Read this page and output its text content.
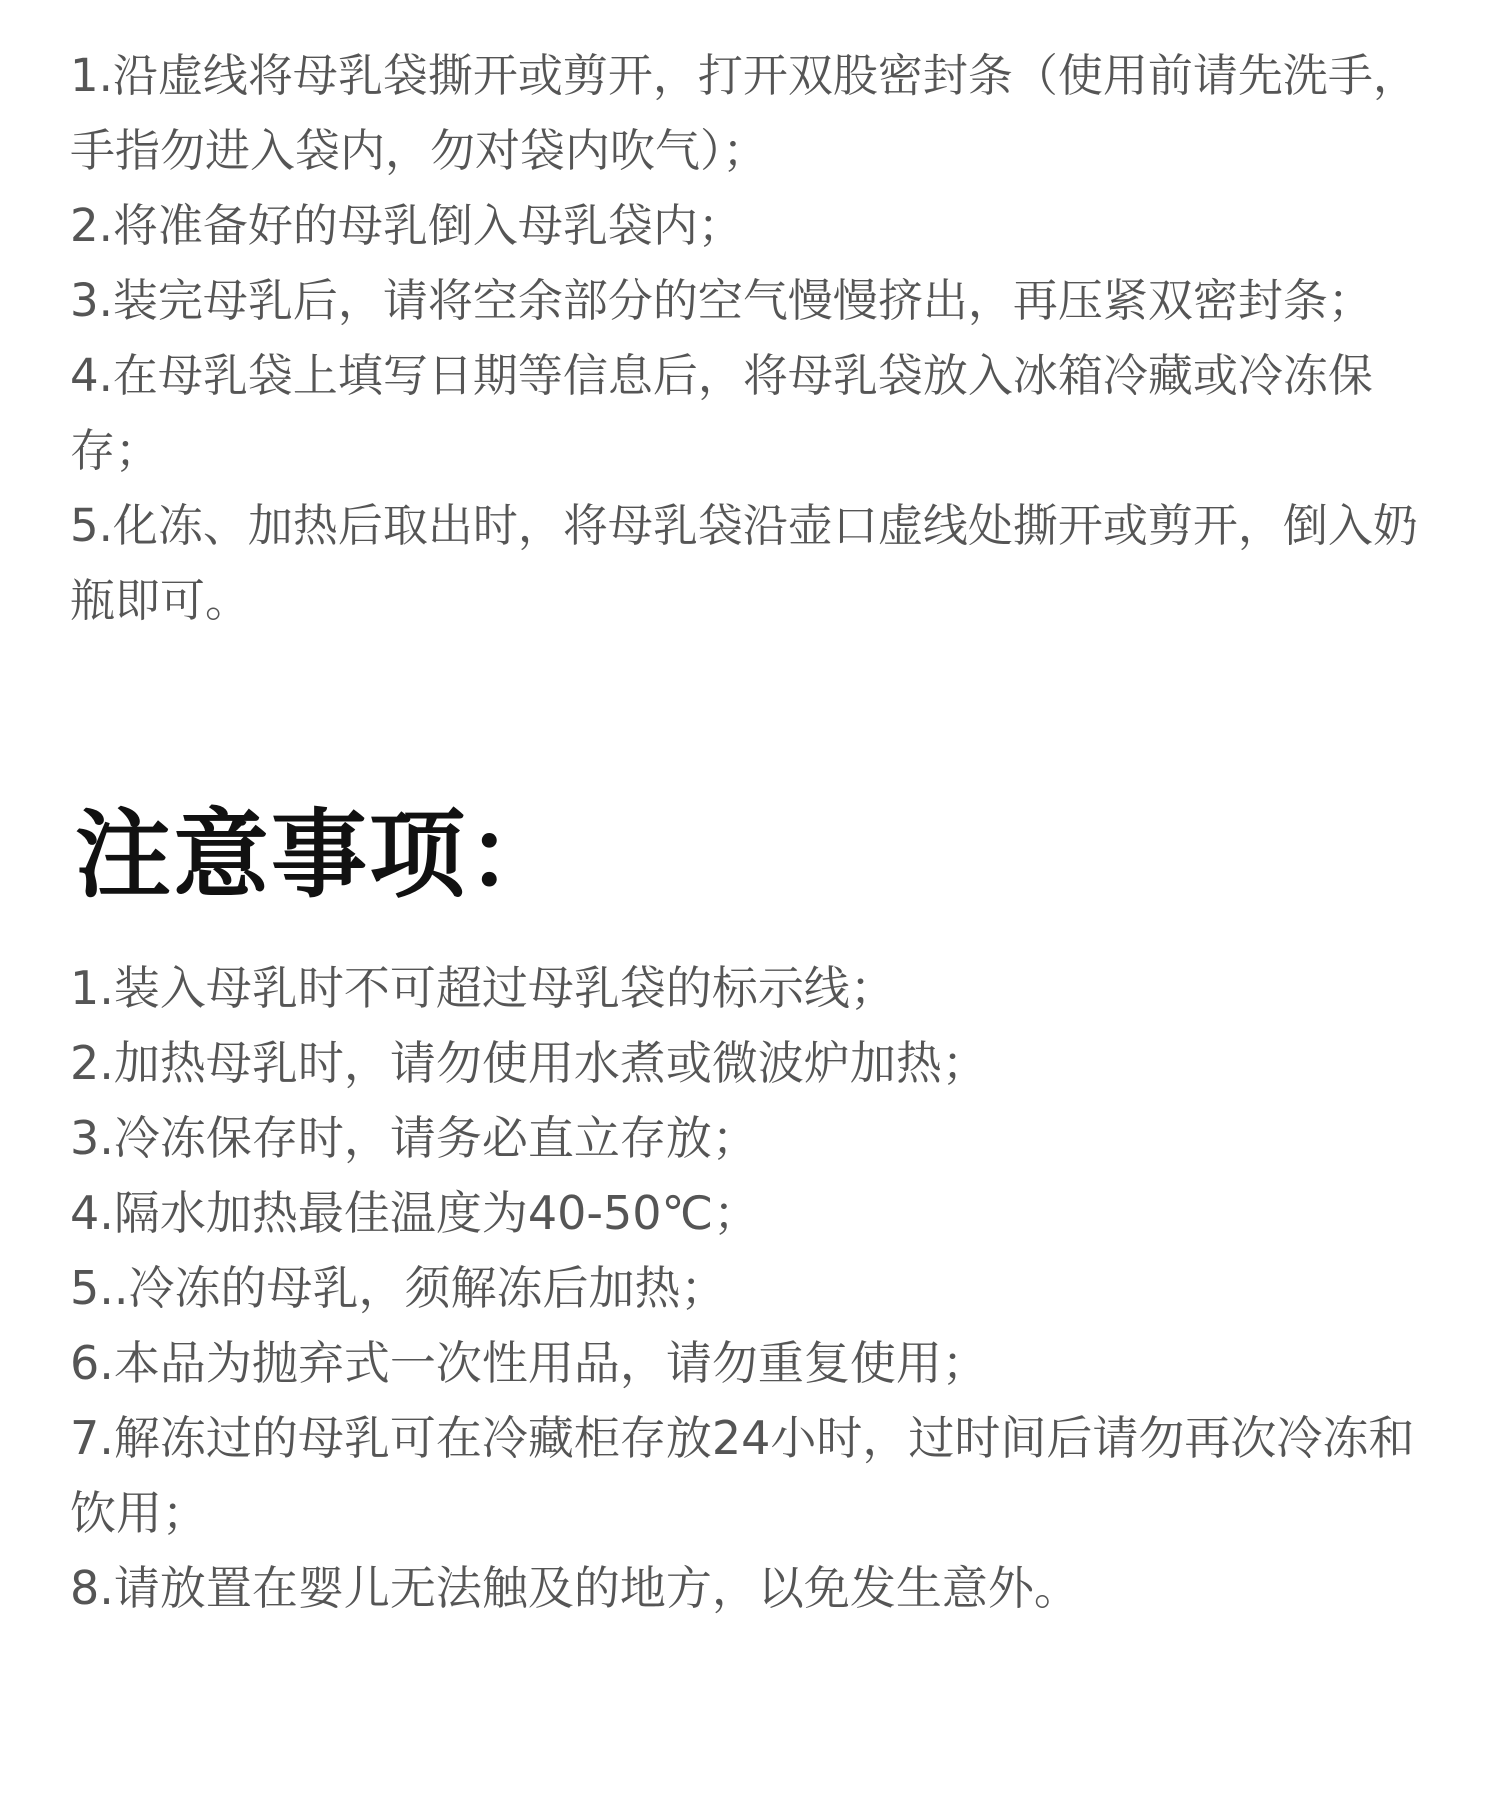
1.沿虚线将母乳袋撕开或剪开，打开双股密封条（使用前请先洗手，手指勿进入袋内，勿对袋内吹气）；
2.将准备好的母乳倒入母乳袋内；
3.装完母乳后，请将空余部分的空气慢慢挤出，再压紧双密封条；
4.在母乳袋上填写日期等信息后，将母乳袋放入冰箱冷藏或冷冻保存；
5.化冻、加热后取出时，将母乳袋沿壶口虚线处撕开或剪开，倒入奶瓶即可。
注意事项：
1.装入母乳时不可超过母乳袋的标示线；
2.加热母乳时，请勿使用水煮或微波炉加热；
3.冷冻保存时，请务必直立存放；
4.隔水加热最佳温度为40-50℃；
5..冷冻的母乳，须解冻后加热；
6.本品为抛弃式一次性用品，请勿重复使用；
7.解冻过的母乳可在冷藏柜存放24小时，过时间后请勿再次冷冻和饮用；
8.请放置在婴儿无法触及的地方，以免发生意外。
